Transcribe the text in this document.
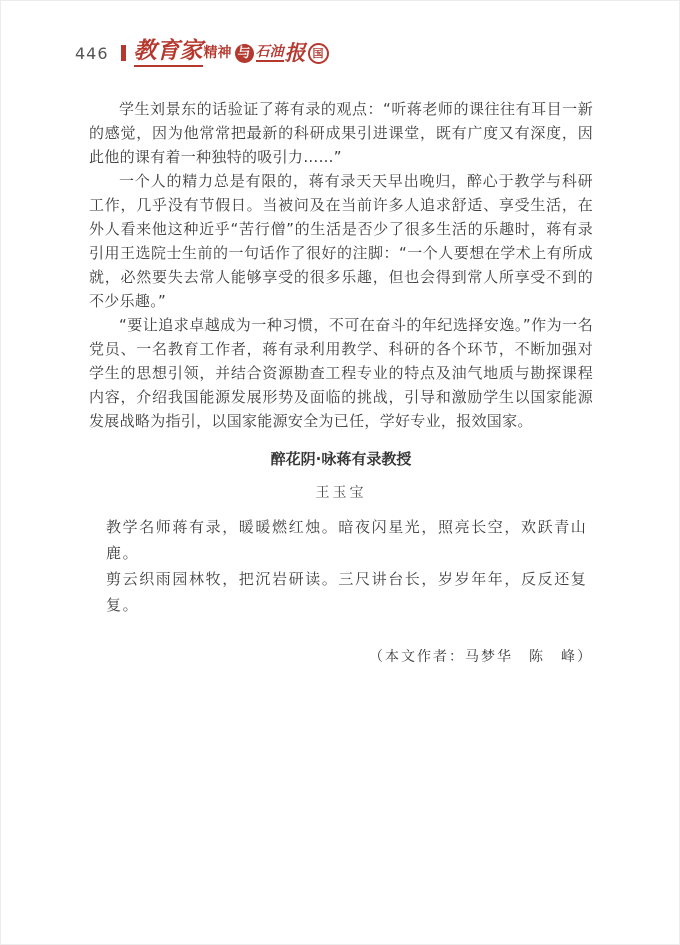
446 教育家 精神 与 石油 报 国

学生刘景东的话验证了蒋有录的观点：“听蒋老师的课往往有耳目一新的感觉，因为他常常把最新的科研成果引进课堂，既有广度又有深度，因此他的课有着一种独特的吸引力……”

一个人的精力总是有限的，蒋有录天天早出晚归，醉心于教学与科研工作，几乎没有节假日。当被问及在当前许多人追求舒适、享受生活，在外人看来他这种近乎“苦行僧”的生活是否少了很多生活的乐趣时，蒋有录引用王选院士生前的一句话作了很好的注脚：“一个人要想在学术上有所成就，必然要失去常人能够享受的很多乐趣，但也会得到常人所享受不到的不少乐趣。”

“要让追求卓越成为一种习惯，不可在奋斗的年纪选择安逸。”作为一名党员、一名教育工作者，蒋有录利用教学、科研的各个环节，不断加强对学生的思想引领，并结合资源勘查工程专业的特点及油气地质与勘探课程内容，介绍我国能源发展形势及面临的挑战，引导和激励学生以国家能源发展战略为指引，以国家能源安全为已任，学好专业，报效国家。

醉花阴·咏蒋有录教授
王玉宝
教学名师蒋有录，暖暖燃红烛。暗夜闪星光，照亮长空，欢跃青山鹿。
剪云织雨园林牧，把沉岩研读。三尺讲台长，岁岁年年，反反还复复。
（本文作者：马梦华　陈　峰）
